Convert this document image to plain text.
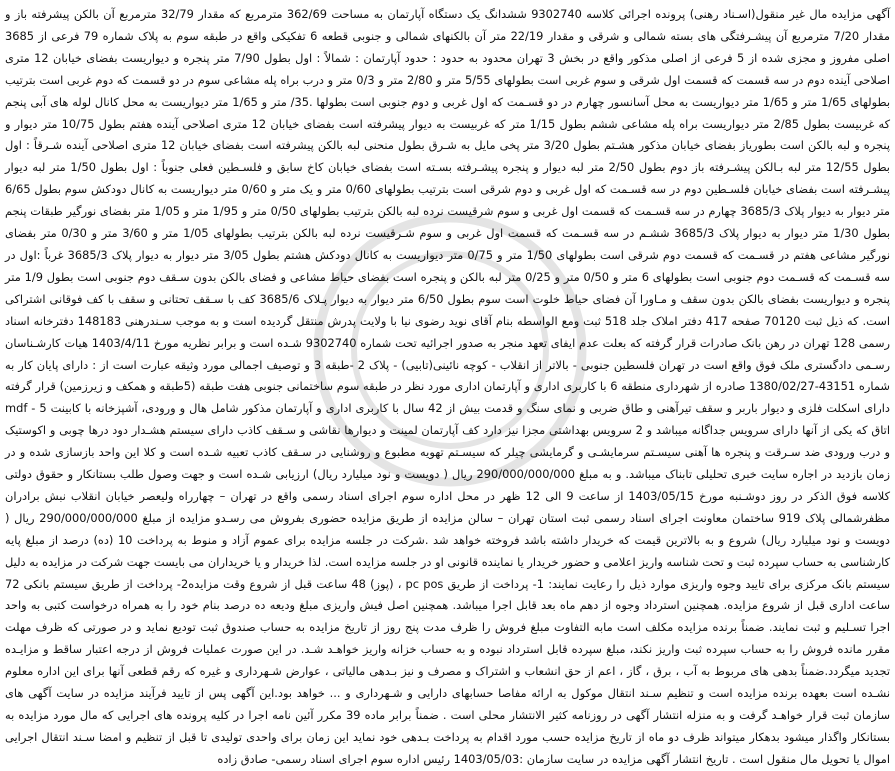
آگهی مزایده مال غیر منقول(اسـناد رهنی) پرونده اجرائی کلاسه 9302740 ششدانگ یک دستگاه آپارتمان به مساحت 362/69 مترمربع که مقدار 32/79 مترمربع آن بالکن پیشرفته باز و مقدار 7/20 مترمربع آن پیشـرفتگی های بسته شمالی و شرقی و مقدار 22/19 متر آن بالکنهای شمالی و جنوبی قطعه 6 تفکیکی واقع در طبقه سوم به پلاک شماره 79 فرعی از 3685 اصلی مفروز و مجزی شده از 5 فرعی از اصلی مذکور واقع در بخش 3 تهران محدود به حدود : حدود آپارتمان : شمالاً : اول بطول 7/90 متر پنجره و دیواریست بفضای خیابان 12 متری اصلاحی آینده دوم در سه قسمت که قسمت اول شرقی و سوم غربی است بطولهای 5/55 متر و 2/80 متر و 0/3 متر و درب براه پله مشاعی سوم در دو قسمت که دوم غربی است بترتیب بطولهای 1/65 متر و 1/65 متر دیواریست به محل آسانسور چهارم در دو قسـمت که اول غربی و دوم جنوبی است بطولها .35/ متر و 1/65 متر دیواریست به محل کانال لوله های آبی پنجم که غربیست بطول 2/85 متر دیواریست براه پله مشاعی ششم بطول 1/15 متر که غربیست به دیوار پیشرفته است بفضای خیابان 12 متری اصلاحی آینده هفتم بطول 10/75 متر دیوار و پنجره و لبه بالکن است بطوریاز بفضای خیابان مذکور هشـتم بطول 3/20 متر پخی مایل به شـرق بطول منحنی لبه بالکن پیشرفته است بفضای خیابان 12 متری اصلاحی آینده شـرقاً : اول بطول 12/55 متر لبه بـالکن پیشـرفته باز دوم بطول 2/50 متر لبه دیوار و پنجره پیشـرفته بسـته است بفضای خیابان کاخ سابق و فلسـطین فعلی جنوباً : اول بطول 1/50 متر لبه دیوار پیشـرفته است بفضای خیابان فلسـطین دوم در سه قسـمت که اول غربی و دوم شرقی است بترتیب بطولهای 0/60 متر و یک متر و 0/60 متر دیواریست به کانال دودکش سوم بطول 6/65 متر دیوار به دیوار پلاک 3685/3 چهارم در سه قسـمت که قسمت اول غربی و سوم شرقیست نرده لبه بالکن بترتیب بطولهای 0/50 متر و 1/95 متر و 1/05 متر بفضای نورگیر طبقات پنجم بطول 1/30 متر دیوار به دیوار پلاک 3685/3 ششـم در سه قسـمت که قسمت اول غربی و سوم شـرقیست نرده لبه بالکن بترتیب بطولهای 1/05 متر و 3/60 متر و 0/30 متر بفضای نورگیر مشاعی هفتم در قسـمت که قسمت دوم شرقی است بطولهای 1/50 متر و 0/75 متر دیواریست به کانال دودکش هشتم بطول 3/05 متر دیوار به دیوار پلاک 3685/3 غرباً :اول در سه قسـمت که قسـمت دوم جنوبی است بطولهای 6 متر و 0/50 متر و 0/25 متر لبه بالکن و پنجره است بفضای حیاط مشاعی و فضای بالکن بدون سـقف دوم جنوبی است بطول 1/9 متر پنجره و دیواریست بفضای بالکن بدون سقف و مـاورا آن فضای حیاط خلوت است سوم بطول 6/50 متر دیوار به دیوار پـلاک 3685/6 کف با سـقف تحتانی و سقف با کف فوقانی اشتراکی است. که ذیل ثبت 70120 صفحه 417 دفتر املاک جلد 518 ثبت ومع الواسطه بنام آقای نوید رضوی نیا با ولایت پدرش منتقل گردیده است و به موجب سـندرهنی 148183 دفترخانه اسناد رسمی 128 تهران در رهن بانک صادرات قرار گرفته که بعلت عدم ایفای تعهد منجر به صدور اجرائیه تحت شماره 9302740 شـده است و برابر نظریه مورخ 1403/4/11 هیات کارشـناسان رسـمی دادگستری ملک فوق واقع است در تهران فلسطین جنوبی - بالاتر از انقلاب - کوچه نائینی(تابیی) - پلاک 2 -طبقه 3 و توصیف اجمالی مورد وثیقه عبارت است از : دارای پایان کار به شماره 43151-1380/02/27 صادره از شهرداری منطقه 6 با کاربری اداری و آپارتمان اداری مورد نظر در طبقه سوم ساختمانی جنوبی هفت طبقه (5طبقه و همکف و زیرزمین) قرار گرفته دارای اسکلت فلزی و دیوار باربر و سقف تیرآهنی و طاق ضربی و نمای سنگ و قدمت بیش از 42 سال با کاربری اداری و آپارتمان مذکور شامل هال و ورودی، آشپزخانه با کابینت mdf - 5 اتاق که یکی از آنها دارای سرویس جداگانه میباشد و 2 سرویس بهداشتی مجزا نیز دارد کف آپارتمان لمینت و دیوارها نقاشی و سـقف کاذب دارای سیستم هشـدار دود درها چوبی و اکوستیک و درب ورودی ضد سـرقت و پنجره ها آهنی سیسـتم سرمایشـی و گرمایشی چیلر که سیسـتم تهویه مطبوع و روشنایی در سـقف کاذب تعبیه شـده است و کلا این واحد بازسازی شده و در زمان بازدید در اجاره سایت خبری تحلیلی تابناک میباشد. و به مبلغ 290/000/000/000 ریال ( دویست و نود میلیارد ریال) ارزیابی شـده است و جهت وصول طلب بستانکار و حقوق دولتی کلاسه فوق الذکر در روز دوشـنبه مورخ 1403/05/15 از ساعت 9 الی 12 ظهر در محل اداره سوم اجرای اسناد رسمی واقع در تهران – چهارراه ولیعصر خیابان انقلاب نبش برادران مظفرشمالی پلاک 919 ساختمان معاونت اجرای اسناد رسمی ثبت استان تهران – سالن مزایده از طریق مزایده حضوری بفروش می رسـدو مزایده از مبلغ 290/000/000/000 ریال ( دویست و نود میلیارد ریال) شروع و به بالاترین قیمت که خریدار داشته باشد فروخته خواهد شد .شرکت در جلسه مزایده برای عموم آزاد و منوط به پرداخت 10 (ده) درصد از مبلغ پایه کارشناسی به حساب سپرده ثبت و تحت شناسه واریز اعلامی و حضور خریدار یا نماینده قانونی او در جلسه مزایده است. لذا خریدار و یا خریداران می بایست جهت شرکت در مزایده به دلیل سیستم بانک مرکزی برای تایید وجوه واریزی موارد ذیل را رعایت نمایند: 1- پرداخت از طریق pc pos ، (پوز) 48 ساعت قبل از شروع وقت مزایده2- پرداخت از طریق سیستم بانکی 72 ساعت اداری قبل از شروع مزایده. همچنین استرداد وجوه از دهم ماه بعد قابل اجرا میباشد. همچنین اصل فیش واریزی مبلغ ودیعه ده درصد بنام خود را به همراه درخواست کتبی به واحد اجرا تسـلیم و ثبت نمایند. ضمناً برنده مزایده مکلف است مابه التفاوت مبلغ فروش را ظرف مدت پنج روز از تاریخ مزایده به حساب صندوق ثبت تودیع نماید و در صورتی که ظرف مهلت مقرر مانده فروش را به حساب سپرده ثبت واریز نکند، مبلغ سپرده قابل استرداد نبوده و به حساب خزانه واریز خواهـد شـد. در این صورت عملیات فروش از درجه اعتبار ساقط و مزایـده تجدید میگردد.ضمناً بدهی های مربوط به آب ، برق ، گاز ، اعم از حق انشعاب و اشتراک و مصرف و نیز بـدهی مالیاتی ، عوارض شـهرداری و غیره که رقم قطعی آنها برای این اداره معلوم نشـده است بعهده برنده مزایده است و تنظیم سـند انتقال موکول به ارائه مفاصا حسابهای دارایی و شـهرداری و ... خواهد بود.این آگهی پس از تایید فرآیند مزایده در سایت آگهی های سازمان ثبت قرار خواهـد گرفت و به منزله انتشار آگهی در روزنامه کثیر الانتشار محلی است . ضمناً برابر ماده 39 مکرر آئین نامه اجرا در کلیه پرونده های اجرایی که مال مورد مزایده به بستانکار واگذار میشود بدهکار میتواند ظرف دو ماه از تاریخ مزایده حسب مورد اقدام به پرداخت بـدهی خود نماید این زمان برای واحدی تولیدی تا قبل از تنظیم و امضا سـند انتقال اجرایی اموال یا تحویل مال منقول است . تاریخ انتشار آگهی مزایده در سایت سازمان :1403/05/03 رئیس اداره سوم اجرای اسناد رسمی- صادق زاده
